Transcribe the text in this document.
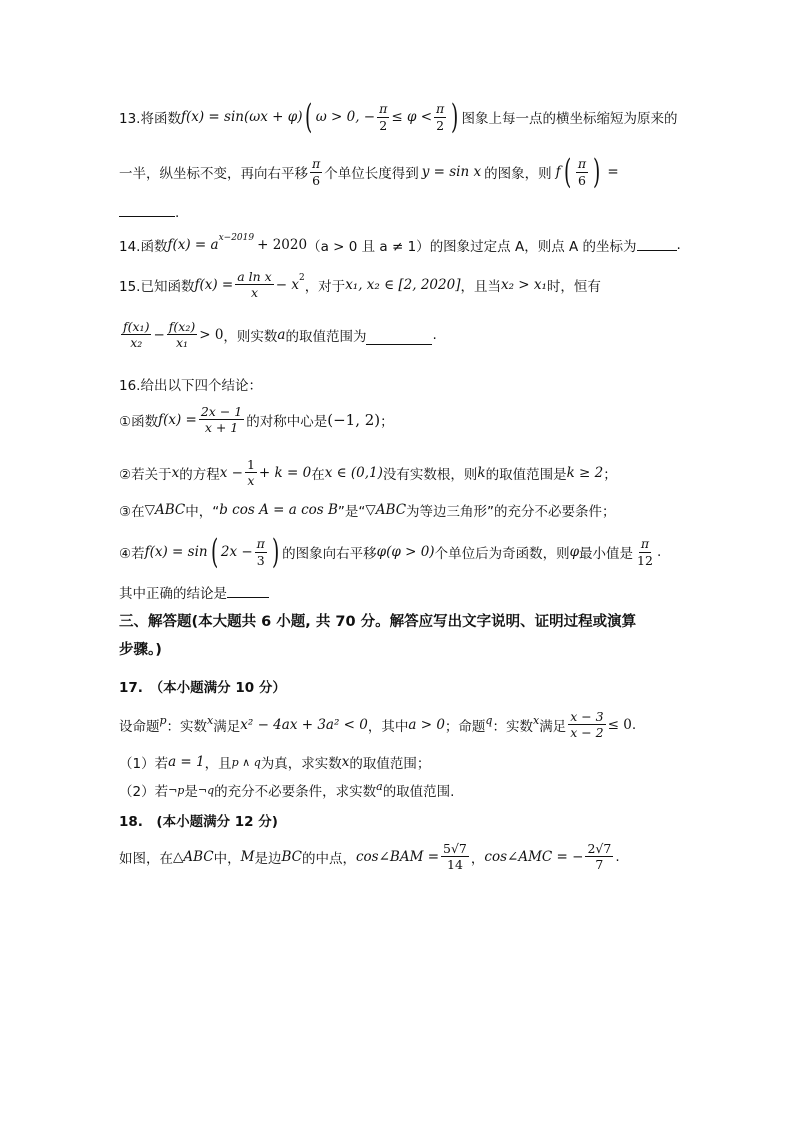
13.将函数 f(x) = sin(ωx + φ) ( ω > 0, − $\frac{\pi}{2} \le \varphi < \frac{\pi}{2}$ ) 图象上每一点的横坐标缩短为原来的
一半，纵坐标不变，再向右平移 $\frac{\pi}{6}$ 个单位长度得到 y = sin x 的图象，则 f ( $\frac{\pi}{6}$ ) =
.
14.函数 $f(x) = a^{x-2019} + 2020$ （a > 0 且 a ≠ 1） 的图象过定点 A，则点 A 的坐标为	.
15.已知函数 $f(x) = \frac{\text{a ln x}}{x} - x^2$
，对于 x₁, x₂ ∈ [2, 2020] ，且当 x₂ > x₁ 时，恒有
$\frac{\text{f(x₁)}}{\text{x₂}} - \frac{\text{f(x₂)}}{\text{x₁}} > 0$ ，则实数 a 的取值范围为	.
16.给出以下四个结论：
①函数 $f(x) = \frac{2x - 1}{x + 1}$ 的对称中心是 (−1, 2) ；
②若关于 x 的方程 $x - \frac{1}{x} + k = 0$ 在 x ∈ (0,1) 没有实数根，则 k 的取值范围是 k ≥ 2 ；
③在 ▽ABC 中，“ b cos A = a cos B ”是“ ▽ABC 为等边三角形”的充分不必要条件；
④若 f(x) = sin ( $2x - \frac{\pi}{3}$ ) 的图象向右平移 φ(φ > 0) 个单位后为奇函数，则 φ 最小值是 $\frac{\pi}{12}$ .
其中正确的结论是
三、解答题(本大题共 6 小题, 共 70 分。解答应写出文字说明、证明过程或演算
步骤。)
17.　（本小题满分 10 分）
设命题 p ：实数 x 满足 x² − 4ax + 3a² < 0 ，其中 a > 0 ；命题 q ：实数 x 满足 $\frac{x - 3}{x - 2} \le 0$ .
（1）若 a = 1 ，且 p ∧ q 为真，求实数 x 的取值范围；
（2）若 ¬p 是 ¬q 的充分不必要条件，求实数 a 的取值范围.
18.　(本小题满分 12 分)
如图，在 △ABC 中， M 是边 BC 的中点， cos∠BAM = $\frac{5√7}{14}$ ， cos∠AMC = − $\frac{2√7}{7}$ .
